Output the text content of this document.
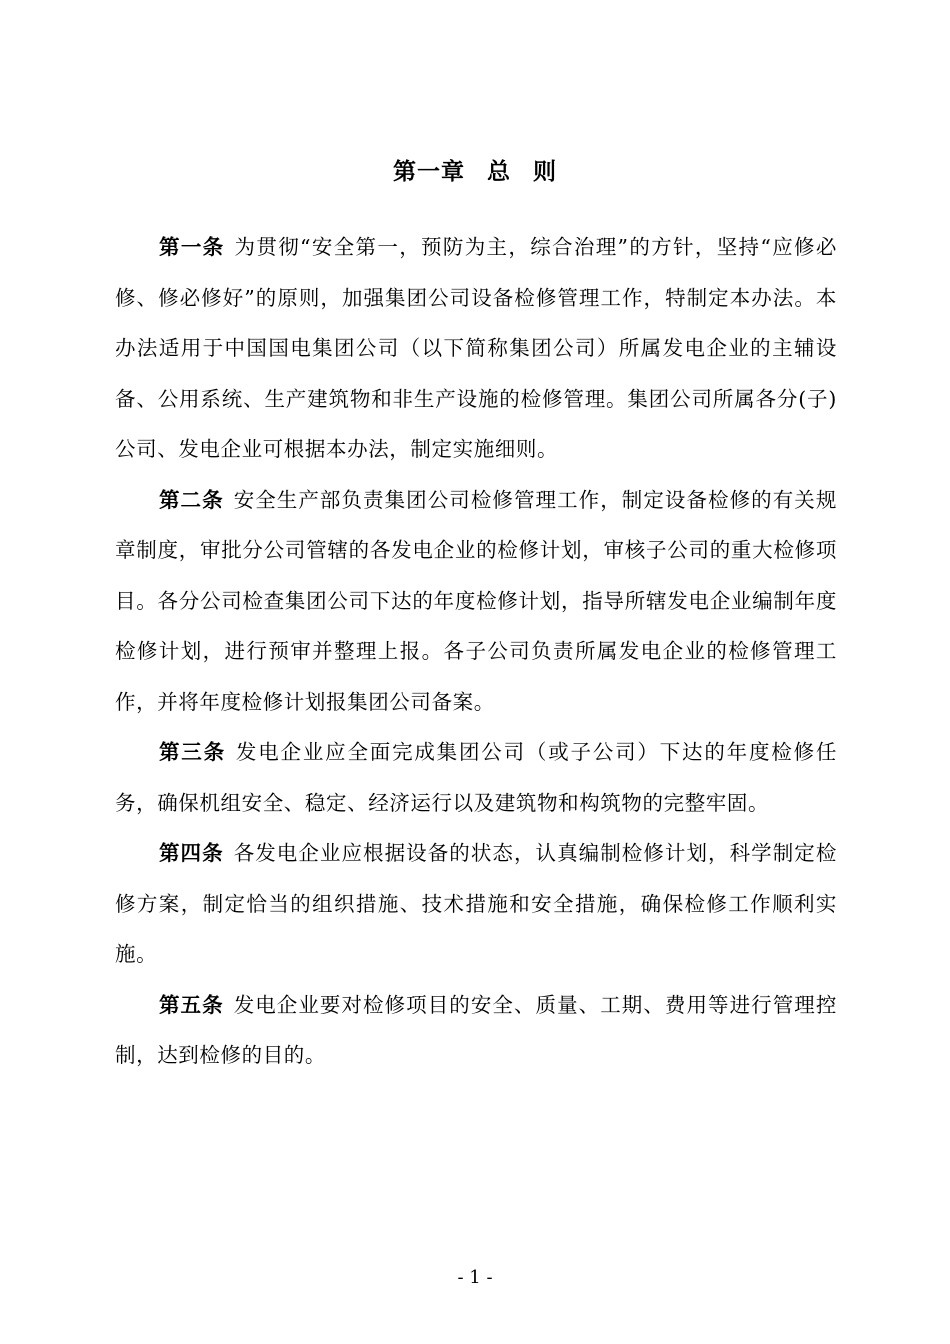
第一章 总 则

第一条 为贯彻“安全第一，预防为主，综合治理”的方针，坚持“应修必修、修必修好”的原则，加强集团公司设备检修管理工作，特制定本办法。本办法适用于中国国电集团公司（以下简称集团公司）所属发电企业的主辅设备、公用系统、生产建筑物和非生产设施的检修管理。集团公司所属各分(子)公司、发电企业可根据本办法，制定实施细则。

第二条 安全生产部负责集团公司检修管理工作，制定设备检修的有关规章制度，审批分公司管辖的各发电企业的检修计划，审核子公司的重大检修项目。各分公司检查集团公司下达的年度检修计划，指导所辖发电企业编制年度检修计划，进行预审并整理上报。各子公司负责所属发电企业的检修管理工作，并将年度检修计划报集团公司备案。

第三条 发电企业应全面完成集团公司（或子公司）下达的年度检修任务，确保机组安全、稳定、经济运行以及建筑物和构筑物的完整牢固。

第四条 各发电企业应根据设备的状态，认真编制检修计划，科学制定检修方案，制定恰当的组织措施、技术措施和安全措施，确保检修工作顺利实施。

第五条 发电企业要对检修项目的安全、质量、工期、费用等进行管理控制，达到检修的目的。

- 1 -
